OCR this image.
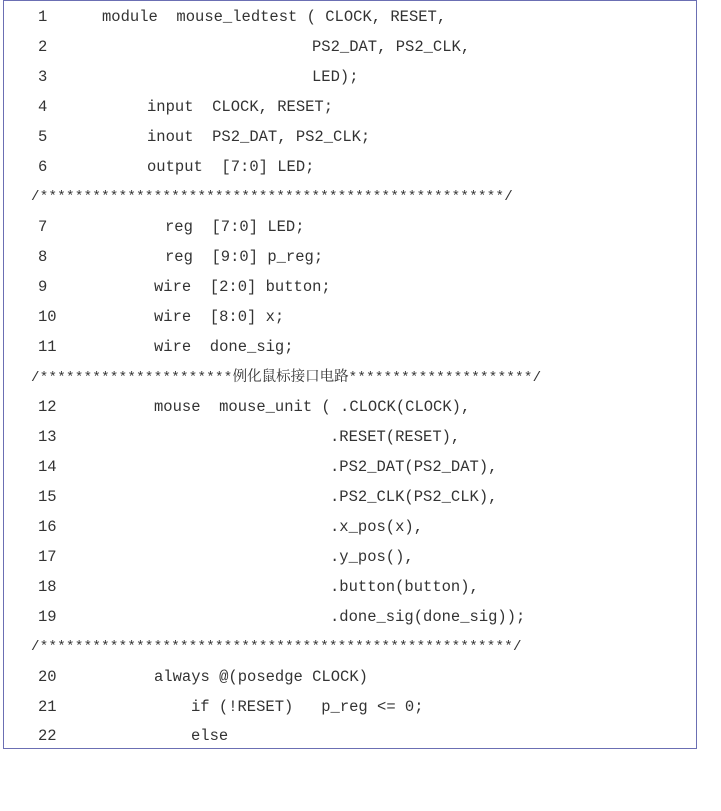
1

	module  mouse_ledtest ( CLOCK, RESET,

2

	PS2_DAT, PS2_CLK,

3

	LED);

4

	input  CLOCK, RESET;

5

	inout  PS2_DAT, PS2_CLK;

6

	output  [7:0] LED;

/*****************************************************/

7

	reg  [7:0] LED;

8

	reg  [9:0] p_reg;

9

	wire  [2:0] button;

10

	wire  [8:0] x;

11

	wire  done_sig;

/**********************例化鼠标接口电路*********************/

12

	mouse  mouse_unit ( .CLOCK(CLOCK),

13

	.RESET(RESET),

14

	.PS2_DAT(PS2_DAT),

15

	.PS2_CLK(PS2_CLK),

16

	.x_pos(x),

17

	.y_pos(),

18

	.button(button),

19

	.done_sig(done_sig));

/******************************************************/

20

	always @(posedge CLOCK)

21

	if (!RESET)   p_reg <= 0;

22

	else
